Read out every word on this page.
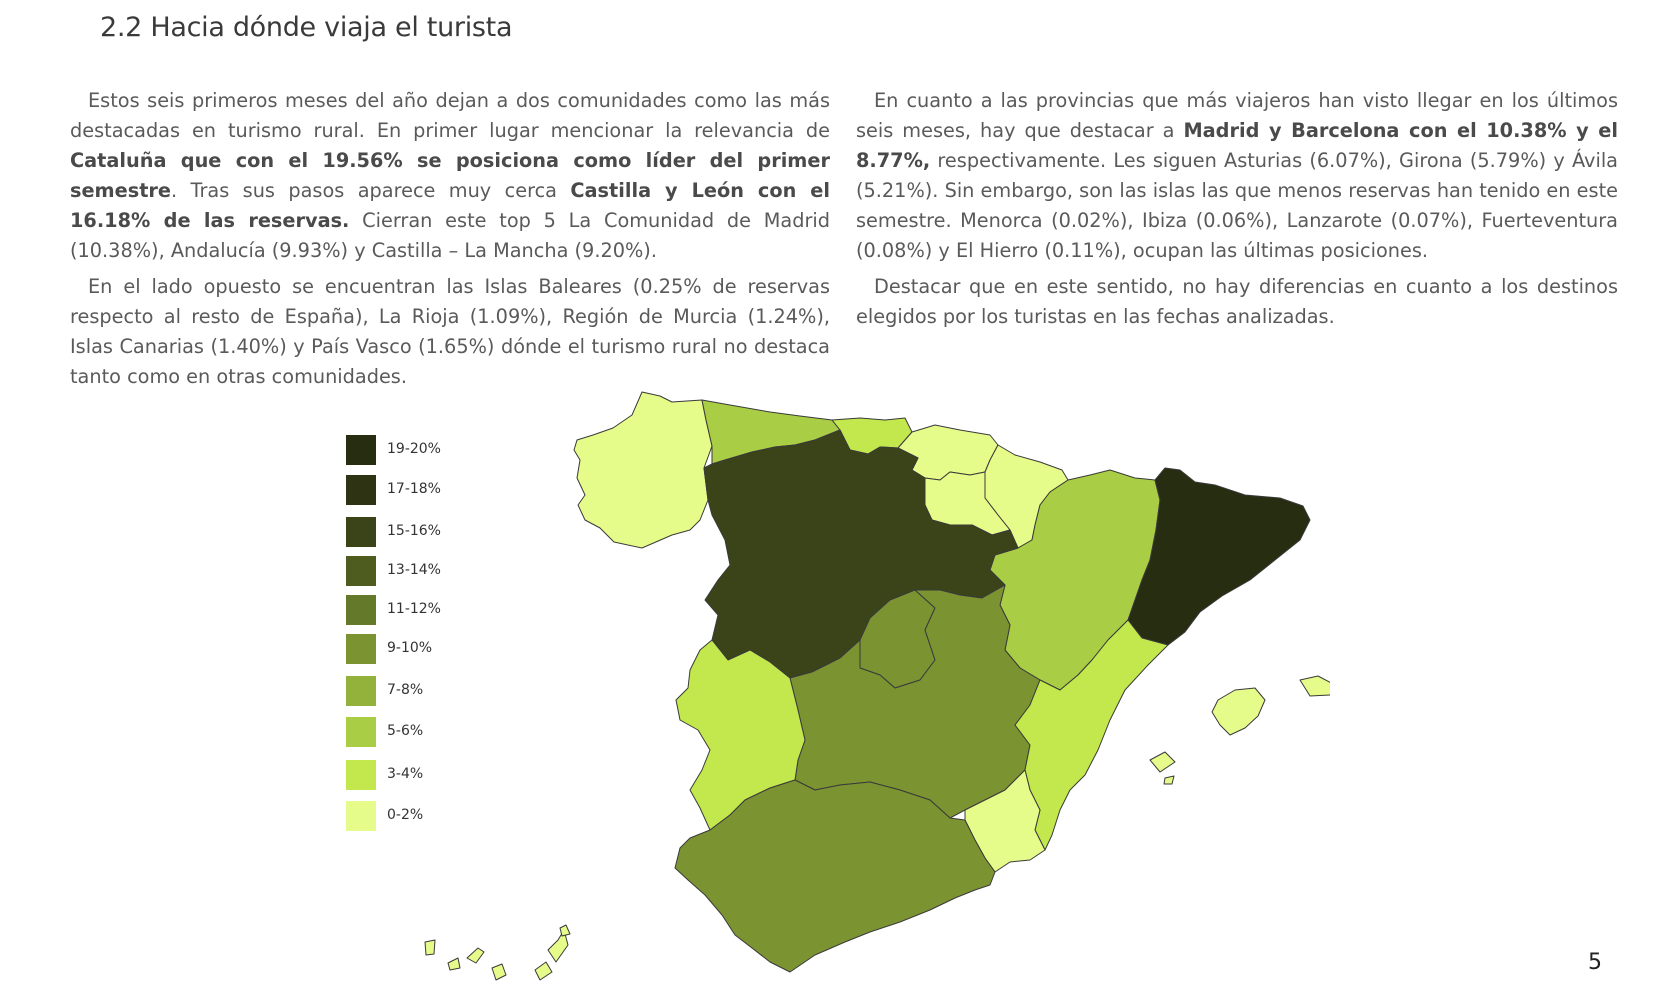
2.2 Hacia dónde viaja el turista

Estos seis primeros meses del año dejan a dos comunidades como las más destacadas en turismo rural. En primer lugar mencionar la relevancia de Cataluña que con el 19.56% se posiciona como líder del primer semestre. Tras sus pasos aparece muy cerca Castilla y León con el 16.18% de las reservas. Cierran este top 5 La Comunidad de Madrid (10.38%), Andalucía (9.93%) y Castilla – La Mancha (9.20%).

En el lado opuesto se encuentran las Islas Baleares (0.25% de reservas respecto al resto de España), La Rioja (1.09%), Región de Murcia (1.24%), Islas Canarias (1.40%) y País Vasco (1.65%) dónde el turismo rural no destaca tanto como en otras comunidades.

En cuanto a las provincias que más viajeros han visto llegar en los últimos seis meses, hay que destacar a Madrid y Barcelona con el 10.38% y el 8.77%, respectivamente. Les siguen Asturias (6.07%), Girona (5.79%) y Ávila (5.21%). Sin embargo, son las islas las que menos reservas han tenido en este semestre. Menorca (0.02%), Ibiza (0.06%), Lanzarote (0.07%), Fuerteventura (0.08%) y El Hierro (0.11%), ocupan las últimas posiciones.

Destacar que en este sentido, no hay diferencias en cuanto a los destinos elegidos por los turistas en las fechas analizadas.

19-20%
17-18%
15-16%
13-14%
11-12%
9-10%
7-8%
5-6%
3-4%
0-2%
5
